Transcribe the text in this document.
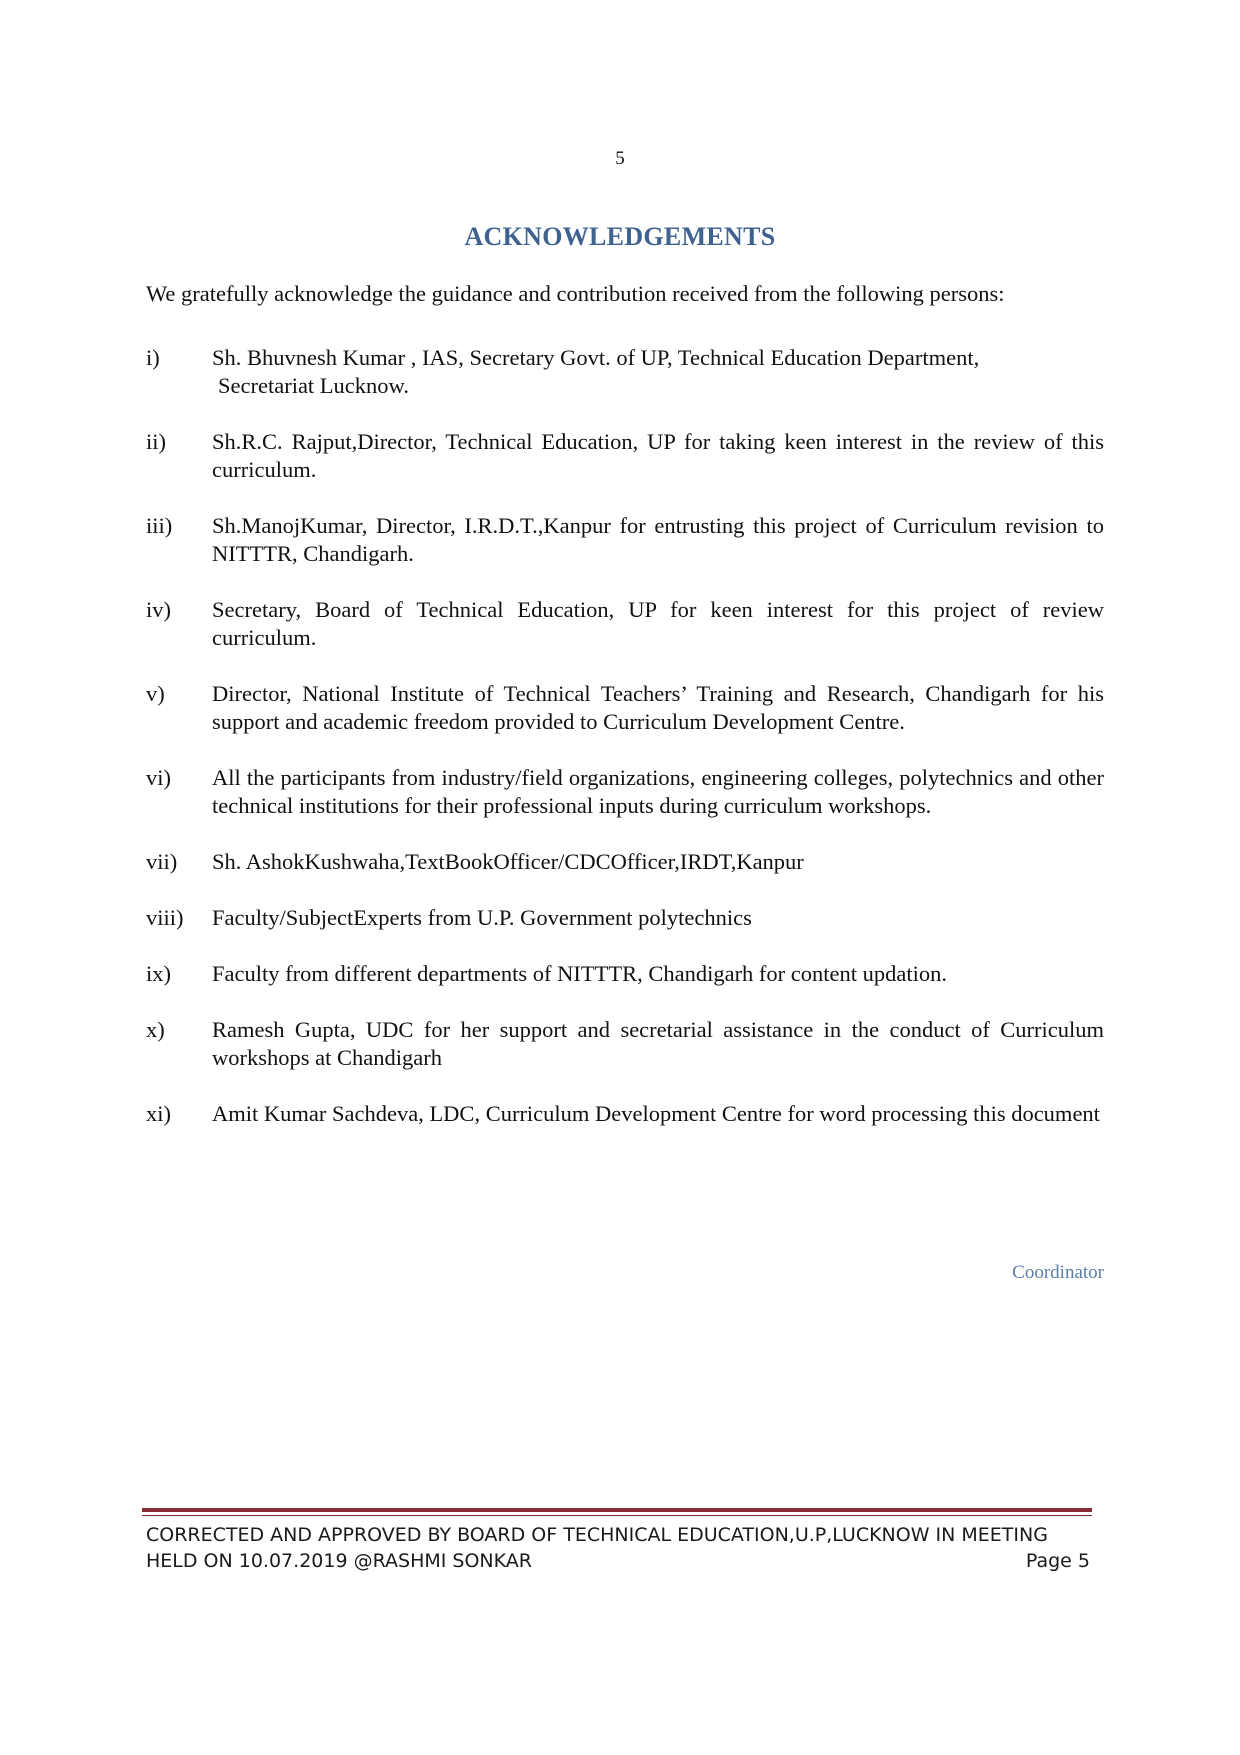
5
ACKNOWLEDGEMENTS
We gratefully acknowledge the guidance and contribution received from the following persons:
i)	Sh. Bhuvnesh Kumar , IAS, Secretary Govt. of UP, Technical Education Department,
Secretariat Lucknow.
ii)	Sh.R.C. Rajput,Director, Technical Education, UP for taking keen interest in the review of this curriculum.
iii)	Sh.ManojKumar, Director, I.R.D.T.,Kanpur for entrusting this project of Curriculum revision to NITTTR, Chandigarh.
iv)	Secretary, Board of Technical Education, UP for keen interest for this project of review curriculum.
v)	Director, National Institute of Technical Teachers’ Training and Research, Chandigarh for his support and academic freedom provided to Curriculum Development Centre.
vi)	All the participants from industry/field organizations, engineering colleges, polytechnics and other technical institutions for their professional inputs during curriculum workshops.
vii)	Sh. AshokKushwaha,TextBookOfficer/CDCOfficer,IRDT,Kanpur
viii)	Faculty/SubjectExperts from U.P. Government polytechnics
ix)	Faculty from different departments of NITTTR, Chandigarh for content updation.
x)	Ramesh Gupta, UDC for her support and secretarial assistance in the conduct of Curriculum workshops at Chandigarh
xi)	Amit Kumar Sachdeva, LDC, Curriculum Development Centre for word processing this document
Coordinator
CORRECTED AND APPROVED BY BOARD OF TECHNICAL EDUCATION,U.P,LUCKNOW IN MEETING
HELD ON 10.07.2019 @RASHMI SONKAR	Page 5
